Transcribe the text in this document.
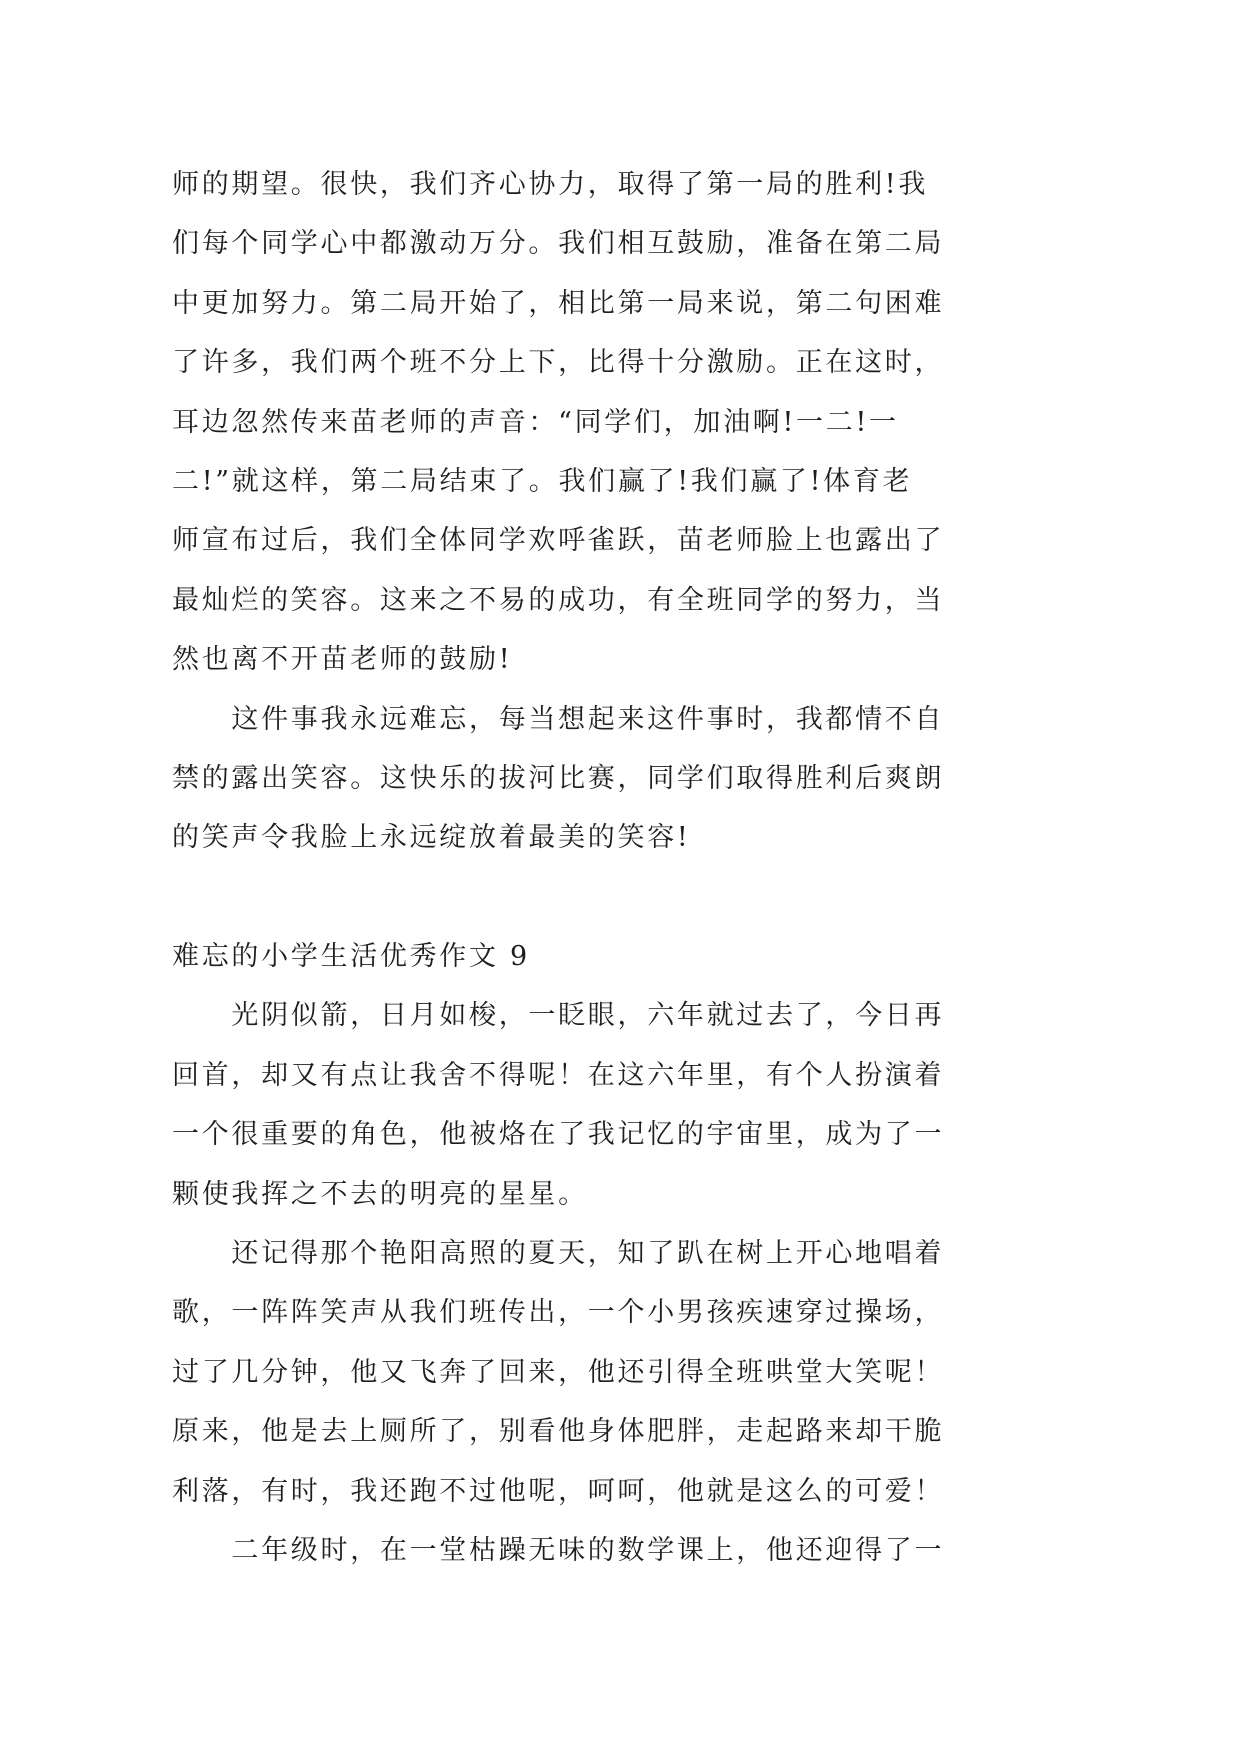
师的期望。很快，我们齐心协力，取得了第一局的胜利!我
们每个同学心中都激动万分。我们相互鼓励，准备在第二局
中更加努力。第二局开始了，相比第一局来说，第二句困难
了许多，我们两个班不分上下，比得十分激励。正在这时，
耳边忽然传来苗老师的声音：“同学们，加油啊!一二!一
二!”就这样，第二局结束了。我们赢了!我们赢了!体育老
师宣布过后，我们全体同学欢呼雀跃，苗老师脸上也露出了
最灿烂的笑容。这来之不易的成功，有全班同学的努力，当
然也离不开苗老师的鼓励!
这件事我永远难忘，每当想起来这件事时，我都情不自
禁的露出笑容。这快乐的拔河比赛，同学们取得胜利后爽朗
的笑声令我脸上永远绽放着最美的笑容!
难忘的小学生活优秀作文 9
光阴似箭，日月如梭，一眨眼，六年就过去了，今日再
回首，却又有点让我舍不得呢！在这六年里，有个人扮演着
一个很重要的角色，他被烙在了我记忆的宇宙里，成为了一
颗使我挥之不去的明亮的星星。
还记得那个艳阳高照的夏天，知了趴在树上开心地唱着
歌，一阵阵笑声从我们班传出，一个小男孩疾速穿过操场，
过了几分钟，他又飞奔了回来，他还引得全班哄堂大笑呢！
原来，他是去上厕所了，别看他身体肥胖，走起路来却干脆
利落，有时，我还跑不过他呢，呵呵，他就是这么的可爱！
二年级时，在一堂枯躁无味的数学课上，他还迎得了一
